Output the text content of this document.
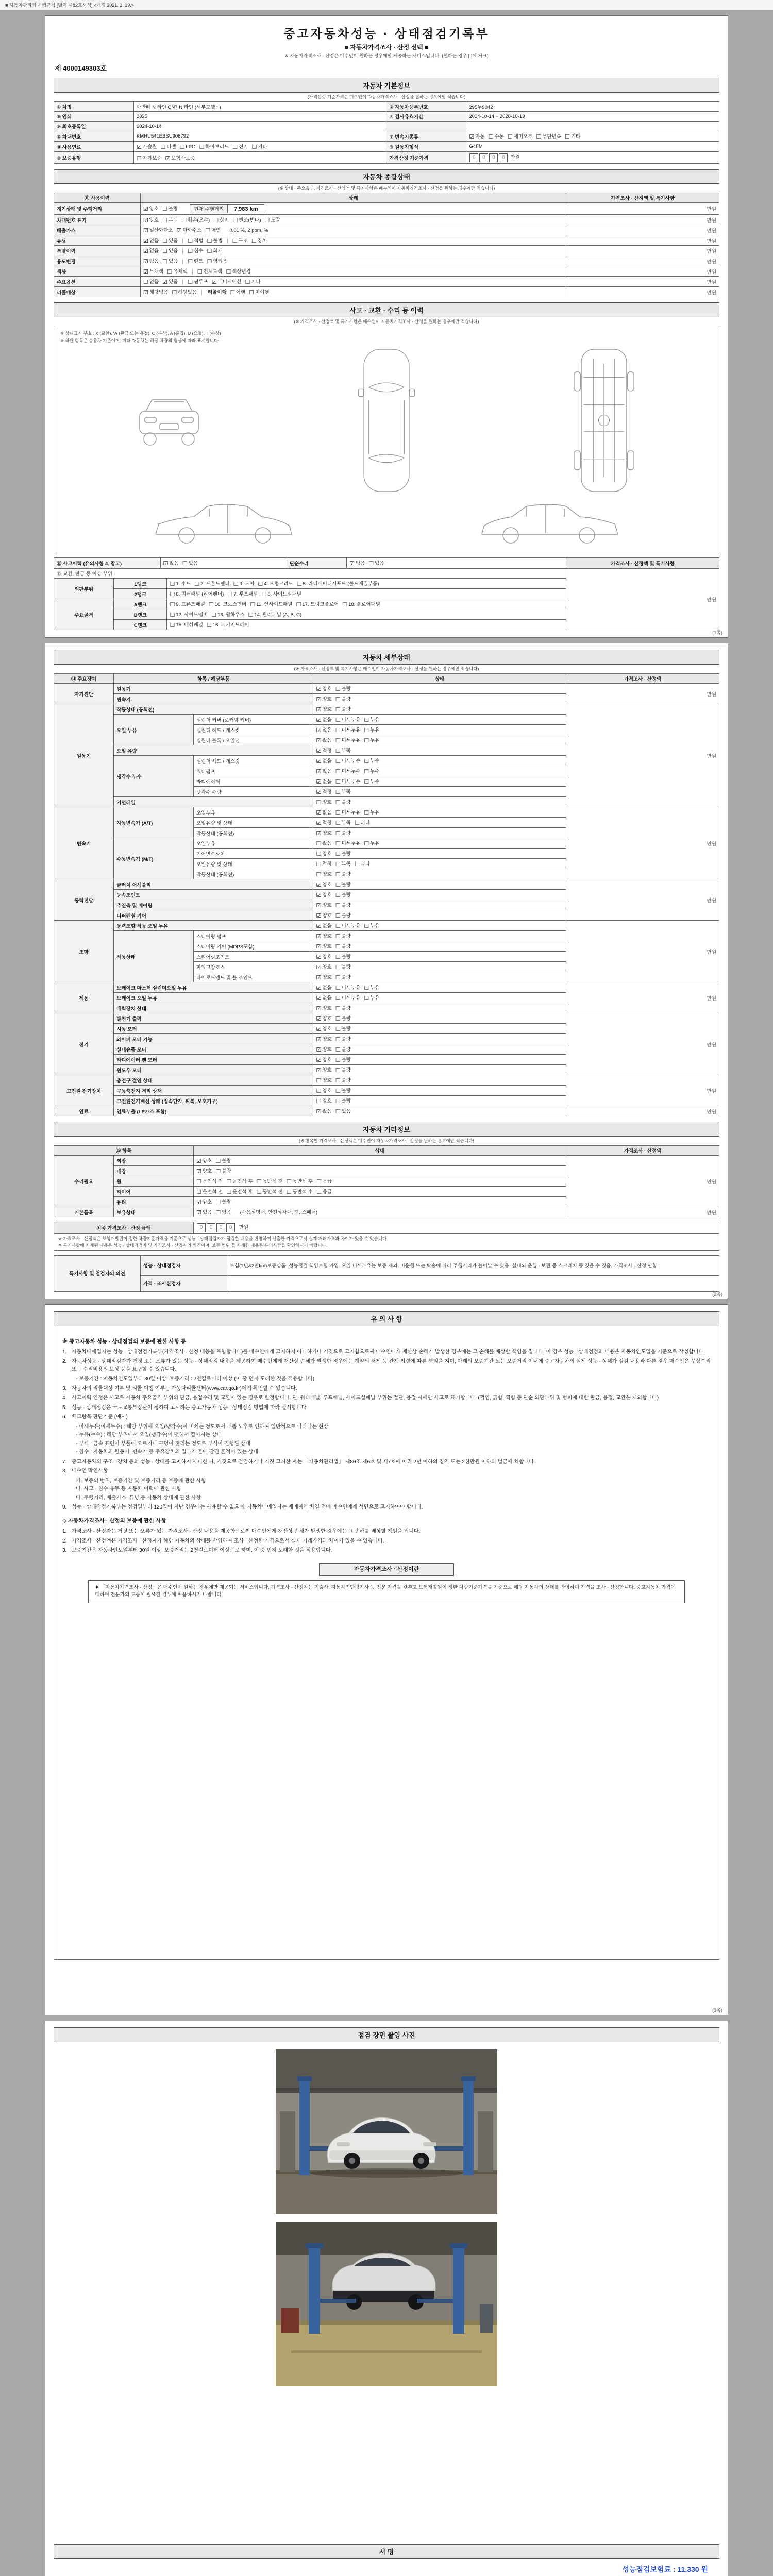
■ 자동차관리법 시행규칙 [별지 제82호서식] <개정 2021. 1. 19.>
중고자동차성능 · 상태점검기록부
■ 자동차가격조사 · 산정 선택 ■
※ 자동차가격조사 · 산정은 매수인이 원하는 경우에만 제공하는 서비스입니다. (원하는 경우 [ ]에 체크)
제 4000149303호
자동차 기본정보
(가격산정 기준가격은 매수인이 자동차가격조사 · 산정을 원하는 경우에만 적습니다)
① 차명	아반떼 N 라인 CN7 N 라인 (세부모델 : )	② 자동차등록번호	295두9042
③ 연식	2025	④ 검사유효기간	2024-10-14 ~ 2028-10-13
⑤ 최초등록일	2024-10-14		
⑥ 차대번호	KMHU541EBSU906792	⑦ 변속기종류	☑ 자동 ☐ 수동 ☐ 세미오토 ☐ 무단변속 ☐ 기타
⑧ 사용연료	☑ 가솔린 ☐ 디젤 ☐ LPG ☐ 하이브리드 ☐ 전기 ☐ 기타	⑨ 원동기형식	G4FM
⑩ 보증유형	☐ 자가보증 ☑ 보험사보증	가격산정 기준가격	0 0 0 0 만원
자동차 종합상태
(※ 상태 · 주요옵션, 가격조사 · 산정액 및 특기사항은 매수인이 자동차가격조사 · 산정을 원하는 경우에만 적습니다)
⑪ 사용이력	상태	가격조사 · 산정액 및 특기사항
계기상태 및 주행거리	☑ 양호 ☐ 불량 현재 주행거리 7,983 km	만원
차대번호 표기	☑ 양호 ☐ 부식 ☐ 훼손(오손) ☐ 상이 ☐ 변조(변타) ☐ 도말	만원
배출가스	☑ 일산화탄소 ☑ 탄화수소 ☐ 매연 0.01 %, 2 ppm, %	만원
튜닝	☑ 없음 ☐ 있음 ☐ 적법 ☐ 불법 ☐ 구조 ☐ 장치	만원
특별이력	☑ 없음 ☐ 있음 ☐ 침수 ☐ 화재	만원
용도변경	☑ 없음 ☐ 있음 ☐ 렌트 ☐ 영업용	만원
색상	☑ 무채색 ☐ 유채색 ☐ 전체도색 ☐ 색상변경	만원
주요옵션	☐ 없음 ☑ 있음 ☐ 썬루프 ☑ 네비게이션 ☐ 기타	만원
리콜대상	☑ 해당없음 ☐ 해당있음 리콜이행 ☐ 이행 ☐ 미이행	만원
사고 · 교환 · 수리 등 이력
(※ 가격조사 · 산정액 및 특기사항은 매수인이 자동차가격조사 · 산정을 원하는 경우에만 적습니다)
※ 상태표시 부호 : X (교환), W (판금 또는 용접), C (부식), A (흠집), U (요철), T (손상)
※ 하단 항목은 승용차 기준이며, 기타 자동차는 해당 차량의 형상에 따라 표시합니다.
⑫ 사고이력 (유의사항 4. 참고)	☑ 없음 ☐ 있음	단순수리	☑ 없음 ☐ 있음	가격조사 · 산정액 및 특기사항
⑬ 교환, 판금 등 이상 부위 :			만원
외판부위	1랭크	☐ 1. 후드 ☐ 2. 프론트펜더 ☐ 3. 도어 ☐ 4. 트렁크리드 ☐ 5. 라디에이터서포트 (볼트체결부품)	
	2랭크	☐ 6. 쿼터패널 (리어펜더) ☐ 7. 루프패널 ☐ 8. 사이드실패널	
주요골격	A랭크	☐ 9. 프론트패널 ☐ 10. 크로스멤버 ☐ 11. 인사이드패널 ☐ 17. 트렁크플로어 ☐ 18. 플로어패널	
	B랭크	☐ 12. 사이드멤버 ☐ 13. 휠하우스 ☐ 14. 필러패널 (A, B, C)	
	C랭크	☐ 15. 대쉬패널 ☐ 16. 패키지트레이	
(1쪽)
자동차 세부상태
(※ 가격조사 · 산정액 및 특기사항은 매수인이 자동차가격조사 · 산정을 원하는 경우에만 적습니다)
⑭ 주요장치	항목 / 해당부품		상태	가격조사 · 산정액
자기진단	원동기		☑ 양호 ☐ 불량	만원
	변속기		☑ 양호 ☐ 불량	
원동기	작동상태 (공회전)		☑ 양호 ☐ 불량	만원
	오일 누유	실린더 커버 (로커암 커버)	☑ 없음 ☐ 미세누유 ☐ 누유	
		실린더 헤드 / 개스킷	☑ 없음 ☐ 미세누유 ☐ 누유	
		실린더 블록 / 오일팬	☑ 없음 ☐ 미세누유 ☐ 누유	
	오일 유량		☑ 적정 ☐ 부족	
	냉각수 누수	실린더 헤드 / 개스킷	☑ 없음 ☐ 미세누수 ☐ 누수	
		워터펌프	☑ 없음 ☐ 미세누수 ☐ 누수	
		라디에이터	☑ 없음 ☐ 미세누수 ☐ 누수	
		냉각수 수량	☑ 적정 ☐ 부족	
	커먼레일		☐ 양호 ☐ 불량	
변속기	자동변속기 (A/T)	오일누유	☑ 없음 ☐ 미세누유 ☐ 누유	만원
		오일유량 및 상태	☑ 적정 ☐ 부족 ☐ 과다	
		작동상태 (공회전)	☑ 양호 ☐ 불량	
	수동변속기 (M/T)	오일누유	☐ 없음 ☐ 미세누유 ☐ 누유	
		기어변속장치	☐ 양호 ☐ 불량	
		오일유량 및 상태	☐ 적정 ☐ 부족 ☐ 과다	
		작동상태 (공회전)	☐ 양호 ☐ 불량	
동력전달	클러치 어셈블리		☑ 양호 ☐ 불량	만원
	등속조인트		☑ 양호 ☐ 불량	
	추진축 및 베어링		☑ 양호 ☐ 불량	
	디퍼렌셜 기어		☑ 양호 ☐ 불량	
조향	동력조향 작동 오일 누유		☑ 없음 ☐ 미세누유 ☐ 누유	만원
	작동상태	스티어링 펌프	☑ 양호 ☐ 불량	
		스티어링 기어 (MDPS포함)	☑ 양호 ☐ 불량	
		스티어링조인트	☑ 양호 ☐ 불량	
		파워고압호스	☑ 양호 ☐ 불량	
		타이로드엔드 및 볼 조인트	☑ 양호 ☐ 불량	
제동	브레이크 마스터 실린더오일 누유		☑ 없음 ☐ 미세누유 ☐ 누유	만원
	브레이크 오일 누유		☑ 없음 ☐ 미세누유 ☐ 누유	
	배력장치 상태		☑ 양호 ☐ 불량	
전기	발전기 출력		☑ 양호 ☐ 불량	만원
	시동 모터		☑ 양호 ☐ 불량	
	와이퍼 모터 기능		☑ 양호 ☐ 불량	
	실내송풍 모터		☑ 양호 ☐ 불량	
	라디에이터 팬 모터		☑ 양호 ☐ 불량	
	윈도우 모터		☑ 양호 ☐ 불량	
고전원 전기장치	충전구 절연 상태		☐ 양호 ☐ 불량	만원
	구동축전지 격리 상태		☐ 양호 ☐ 불량	
	고전원전기배선 상태 (접속단자, 피복, 보호기구)		☐ 양호 ☐ 불량	
연료	연료누출 (LP가스 포함)		☑ 없음 ☐ 있음	만원
자동차 기타정보
(※ 항목별 가격조사 · 산정액은 매수인이 자동차가격조사 · 산정을 원하는 경우에만 적습니다)
⑮ 항목		상태	가격조사 · 산정액
수리필요	외장	☑ 양호 ☐ 불량	만원
	내장	☑ 양호 ☐ 불량	
	휠	☐ 운전석 전 ☐ 운전석 후 ☐ 동반석 전 ☐ 동반석 후 ☐ 응급	
	타이어	☐ 운전석 전 ☐ 운전석 후 ☐ 동반석 전 ☐ 동반석 후 ☐ 응급	
	유리	☑ 양호 ☐ 불량	
기본품목	보유상태	☑ 있음 ☐ 없음 (사용설명서, 안전삼각대, 잭, 스패너)	만원
최종 가격조사 · 산정 금액	0 0 0 0 만원
※ 가격조사 · 산정액은 보험개발원이 정한 차량기준가격을 기준으로 성능 · 상태점검자가 점검한 내용을 반영하여 산출한 가격으로서 실제 거래가격과 차이가 있을 수 있습니다.
※ 특기사항에 기재된 내용은 성능 · 상태점검자 및 가격조사 · 산정자의 의견이며, 보증 범위 등 자세한 내용은 유의사항을 확인하시기 바랍니다.
특기사항 및 점검자의 의견	성능 · 상태점검자	보험(1년&2만km)보증상품. 성능점검 책임보험 가입. 오일 미세누유는 보증 제외. 비운행 또는 탁송에 따라 주행거리가 늘어날 수 있음. 실내외 운행 · 보관 중 스크래치 등 있을 수 있음. 가격조사 · 산정 안함.
	가격 · 조사산정자	
(2쪽)
유 의 사 항
※ 중고자동차 성능 · 상태점검의 보증에 관한 사항 등
1. 자동차매매업자는 성능 · 상태점검기록부(가격조사 · 산정 내용을 포함합니다)를 매수인에게 고지하지 아니하거나 거짓으로 고지함으로써 매수인에게 재산상 손해가 발생한 경우에는 그 손해를 배상할 책임을 집니다. 이 경우 성능 · 상태점검의 내용은 자동차인도일을 기준으로 작성합니다.
2. 자동차성능 · 상태점검자가 거짓 또는 오류가 있는 성능 · 상태점검 내용을 제공하여 매수인에게 재산상 손해가 발생한 경우에는 계약의 해제 등 관계 법령에 따른 책임을 지며, 아래의 보증기간 또는 보증거리 이내에 중고자동차의 실제 성능 · 상태가 점검 내용과 다른 경우 매수인은 무상수리 또는 수리비용의 보상 등을 요구할 수 있습니다.
- 보증기간 : 자동차인도일부터 30일 이상, 보증거리 : 2천킬로미터 이상 (이 중 먼저 도래한 것을 적용합니다)
3. 자동차의 리콜대상 여부 및 리콜 이행 여부는 자동차리콜센터(www.car.go.kr)에서 확인할 수 있습니다.
4. 사고이력 인정은 사고로 자동차 주요골격 부위의 판금, 용접수리 및 교환이 있는 경우로 한정합니다. 단, 쿼터패널, 루프패널, 사이드실패널 부위는 절단, 용접 시에만 사고로 표기합니다. (꺾임, 긁힘, 찍힘 등 단순 외판부위 및 범퍼에 대한 판금, 용접, 교환은 제외합니다)
5. 성능 · 상태점검은 국토교통부장관이 정하여 고시하는 중고자동차 성능 · 상태점검 방법에 따라 실시합니다.
6. 체크항목 판단기준 (예시)
- 미세누유(미세누수) : 해당 부위에 오일(냉각수)이 비치는 정도로서 부품 노후로 인하여 일반적으로 나타나는 현상
- 누유(누수) : 해당 부위에서 오일(냉각수)이 맺혀서 떨어지는 상태
- 부식 : 금속 표면이 부풀어 오르거나 구멍이 뚫리는 정도로 부식이 진행된 상태
- 침수 : 자동차의 원동기, 변속기 등 주요장치의 일부가 물에 잠긴 흔적이 있는 상태
7. 중고자동차의 구조 · 장치 등의 성능 · 상태를 고지하지 아니한 자, 거짓으로 점검하거나 거짓 고지한 자는 「자동차관리법」 제80조 제6호 및 제7호에 따라 2년 이하의 징역 또는 2천만원 이하의 벌금에 처합니다.
8. 매수인 확인사항
가. 보증의 범위, 보증기간 및 보증거리 등 보증에 관한 사항
나. 사고 · 침수 유무 등 자동차 이력에 관한 사항
다. 주행거리, 배출가스, 튜닝 등 자동차 상태에 관한 사항
9. 성능 · 상태점검기록부는 점검일부터 120일이 지난 경우에는 사용할 수 없으며, 자동차매매업자는 매매계약 체결 전에 매수인에게 서면으로 고지하여야 합니다.
◇ 자동차가격조사 · 산정의 보증에 관한 사항
1. 가격조사 · 산정자는 거짓 또는 오류가 있는 가격조사 · 산정 내용을 제공함으로써 매수인에게 재산상 손해가 발생한 경우에는 그 손해를 배상할 책임을 집니다.
2. 가격조사 · 산정액은 가격조사 · 산정자가 해당 자동차의 상태를 반영하여 조사 · 산정한 가격으로서 실제 거래가격과 차이가 있을 수 있습니다.
3. 보증기간은 자동차인도일부터 30일 이상, 보증거리는 2천킬로미터 이상으로 하며, 이 중 먼저 도래한 것을 적용합니다.
자동차가격조사 · 산정이란
※ 「자동차가격조사 · 산정」은 매수인이 원하는 경우에만 제공되는 서비스입니다. 가격조사 · 산정자는 기술사, 자동차진단평가사 등 전문 자격을 갖추고 보험개발원이 정한 차량기준가격을 기준으로 해당 자동차의 상태를 반영하여 가격을 조사 · 산정합니다. 중고자동차 가격에 대하여 전문가의 도움이 필요한 경우에 이용하시기 바랍니다.
(3쪽)
점검 장면 촬영 사진
서 명
성능점검보험료 : 11,330 원
